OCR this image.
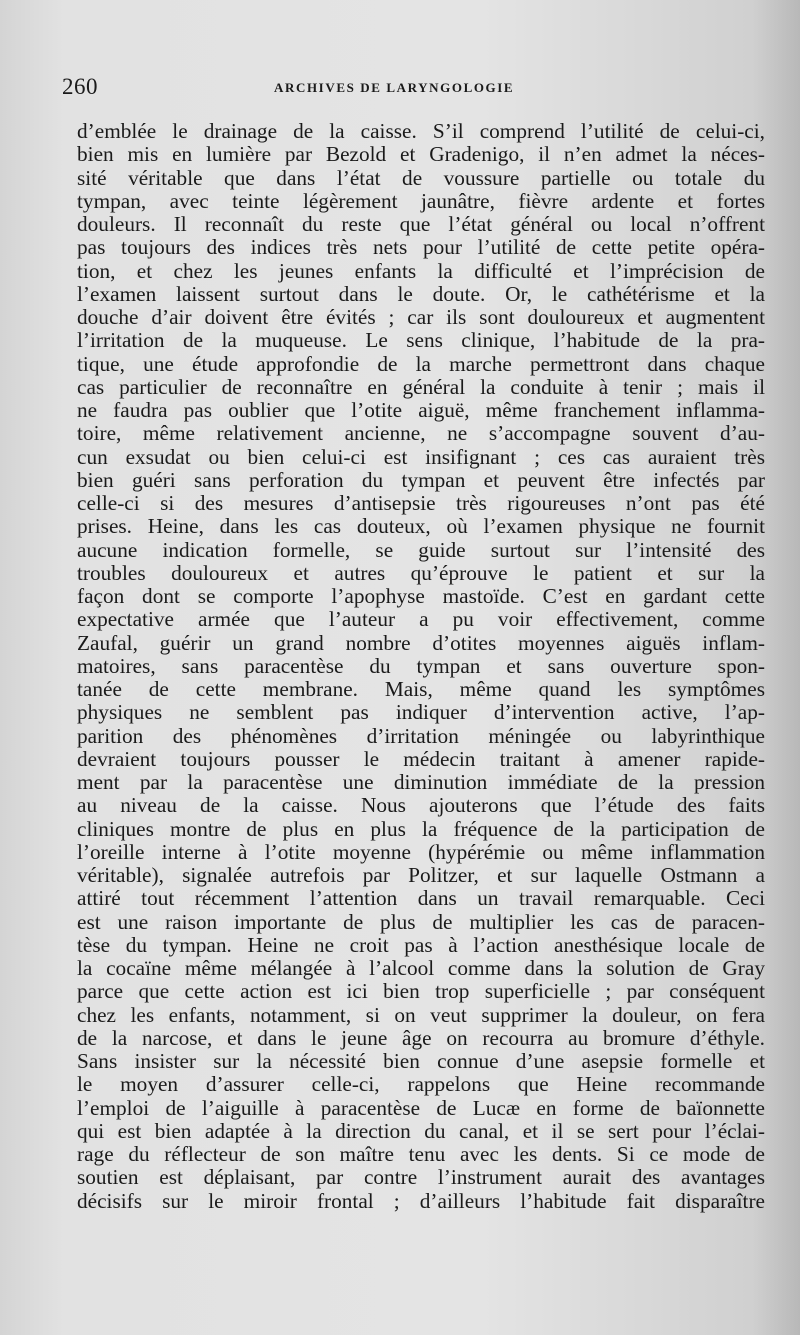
260	ARCHIVES DE LARYNGOLOGIE
d’emblée le drainage de la caisse. S’il comprend l’utilité de celui-ci,
bien mis en lumière par Bezold et Gradenigo, il n’en admet la néces-
sité véritable que dans l’état de voussure partielle ou totale du
tympan, avec teinte légèrement jaunâtre, fièvre ardente et fortes
douleurs. Il reconnaît du reste que l’état général ou local n’offrent
pas toujours des indices très nets pour l’utilité de cette petite opéra-
tion, et chez les jeunes enfants la difficulté et l’imprécision de
l’examen laissent surtout dans le doute. Or, le cathétérisme et la
douche d’air doivent être évités ; car ils sont douloureux et augmentent
l’irritation de la muqueuse. Le sens clinique, l’habitude de la pra-
tique, une étude approfondie de la marche permettront dans chaque
cas particulier de reconnaître en général la conduite à tenir ; mais il
ne faudra pas oublier que l’otite aiguë, même franchement inflamma-
toire, même relativement ancienne, ne s’accompagne souvent d’au-
cun exsudat ou bien celui-ci est insifignant ; ces cas auraient très
bien guéri sans perforation du tympan et peuvent être infectés par
celle-ci si des mesures d’antisepsie très rigoureuses n’ont pas été
prises. Heine, dans les cas douteux, où l’examen physique ne fournit
aucune indication formelle, se guide surtout sur l’intensité des
troubles douloureux et autres qu’éprouve le patient et sur la
façon dont se comporte l’apophyse mastoïde. C’est en gardant cette
expectative armée que l’auteur a pu voir effectivement, comme
Zaufal, guérir un grand nombre d’otites moyennes aiguës inflam-
matoires, sans paracentèse du tympan et sans ouverture spon-
tanée de cette membrane. Mais, même quand les symptômes
physiques ne semblent pas indiquer d’intervention active, l’ap-
parition des phénomènes d’irritation méningée ou labyrinthique
devraient toujours pousser le médecin traitant à amener rapide-
ment par la paracentèse une diminution immédiate de la pression
au niveau de la caisse. Nous ajouterons que l’étude des faits
cliniques montre de plus en plus la fréquence de la participation de
l’oreille interne à l’otite moyenne (hypérémie ou même inflammation
véritable), signalée autrefois par Politzer, et sur laquelle Ostmann a
attiré tout récemment l’attention dans un travail remarquable. Ceci
est une raison importante de plus de multiplier les cas de paracen-
tèse du tympan. Heine ne croit pas à l’action anesthésique locale de
la cocaïne même mélangée à l’alcool comme dans la solution de Gray
parce que cette action est ici bien trop superficielle ; par conséquent
chez les enfants, notamment, si on veut supprimer la douleur, on fera
de la narcose, et dans le jeune âge on recourra au bromure d’éthyle.
Sans insister sur la nécessité bien connue d’une asepsie formelle et
le moyen d’assurer celle-ci, rappelons que Heine recommande
l’emploi de l’aiguille à paracentèse de Lucæ en forme de baïonnette
qui est bien adaptée à la direction du canal, et il se sert pour l’éclai-
rage du réflecteur de son maître tenu avec les dents. Si ce mode de
soutien est déplaisant, par contre l’instrument aurait des avantages
décisifs sur le miroir frontal ; d’ailleurs l’habitude fait disparaître
